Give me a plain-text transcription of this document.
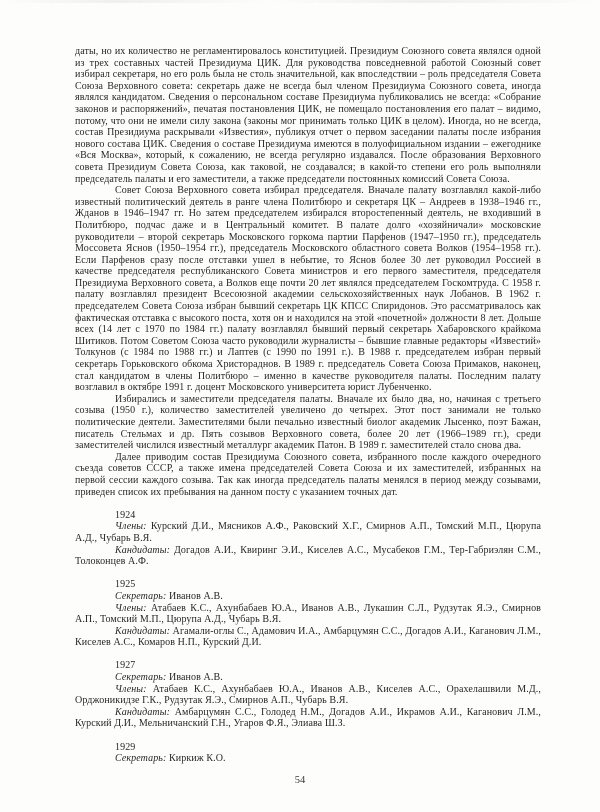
даты, но их количество не регламентировалось конституцией. Президиум Союзного совета являлся одной из трех составных частей Президиума ЦИК. Для руководства повседневной работой Союзный совет избирал секретаря, но его роль была не столь значительной, как впоследствии – роль председателя Совета Союза Верховного совета: секретарь даже не всегда был членом Президиума Союзного совета, иногда являлся кандидатом. Сведения о персональном составе Президиума публиковались не всегда: «Собрание законов и распоряжений», печатая постановления ЦИК, не помещало постановления его палат – видимо, потому, что они не имели силу закона (законы мог принимать только ЦИК в целом). Иногда, но не всегда, состав Президиума раскрывали «Известия», публикуя отчет о первом заседании палаты после избрания нового состава ЦИК. Сведения о составе Президиума имеются в полуофициальном издании – ежегоднике «Вся Москва», который, к сожалению, не всегда регулярно издавался. После образования Верховного совета Президиум Совета Союза, как таковой, не создавался; в какой-то степени его роль выполняли председатель палаты и его заместители, а также председатели постоянных комиссий Совета Союза.

Совет Союза Верховного совета избирал председателя. Вначале палату возглавлял какой-либо известный политический деятель в ранге члена Политбюро и секретаря ЦК – Андреев в 1938–1946 гг., Жданов в 1946–1947 гг. Но затем председателем избирался второстепенный деятель, не входивший в Политбюро, подчас даже и в Центральный комитет. В палате долго «хозяйничали» московские руководители – второй секретарь Московского горкома партии Парфенов (1947–1950 гг.), председатель Моссовета Яснов (1950–1954 гг.), председатель Московского областного совета Волков (1954–1958 гг.). Если Парфенов сразу после отставки ушел в небытие, то Яснов более 30 лет руководил Россией в качестве председателя республиканского Совета министров и его первого заместителя, председателя Президиума Верховного совета, а Волков еще почти 20 лет являлся председателем Госкомтруда. С 1958 г. палату возглавлял президент Всесоюзной академии сельскохозяйственных наук Лобанов. В 1962 г. председателем Совета Союза избран бывший секретарь ЦК КПСС Спиридонов. Это рассматривалось как фактическая отставка с высокого поста, хотя он и находился на этой «почетной» должности 8 лет. Дольше всех (14 лет с 1970 по 1984 гг.) палату возглавлял бывший первый секретарь Хабаровского крайкома Шитиков. Потом Советом Союза часто руководили журналисты – бывшие главные редакторы «Известий» Толкунов (с 1984 по 1988 гг.) и Лаптев (с 1990 по 1991 г.). В 1988 г. председателем избран первый секретарь Горьковского обкома Христораднов. В 1989 г. председатель Совета Союза Примаков, наконец, стал кандидатом в члены Политбюро – именно в качестве руководителя палаты. Последним палату возглавил в октябре 1991 г. доцент Московского университета юрист Лубенченко.

Избирались и заместители председателя палаты. Вначале их было два, но, начиная с третьего созыва (1950 г.), количество заместителей увеличено до четырех. Этот пост занимали не только политические деятели. Заместителями были печально известный биолог академик Лысенко, поэт Бажан, писатель Стельмах и др. Пять созывов Верховного совета, более 20 лет (1966–1989 гг.), среди заместителей числился известный металлург академик Патон. В 1989 г. заместителей стало снова два.

Далее приводим состав Президиума Союзного совета, избранного после каждого очередного съезда советов СССР, а также имена председателей Совета Союза и их заместителей, избранных на первой сессии каждого созыва. Так как иногда председатель палаты менялся в период между созывами, приведен список их пребывания на данном посту с указанием точных дат.

1924

Члены: Курский Д.И., Мясников А.Ф., Раковский Х.Г., Смирнов А.П., Томский М.П., Цюрупа А.Д., Чубарь В.Я.

Кандидаты: Догадов А.И., Квиринг Э.И., Киселев А.С., Мусабеков Г.М., Тер-Габриэлян С.М., Толоконцев А.Ф.

1925

Секретарь: Иванов А.В.

Члены: Атабаев К.С., Ахунбабаев Ю.А., Иванов А.В., Лукашин С.Л., Рудзутак Я.Э., Смирнов А.П., Томский М.П., Цюрупа А.Д., Чубарь В.Я.

Кандидаты: Агамали-оглы С., Адамович И.А., Амбарцумян С.С., Догадов А.И., Каганович Л.М., Киселев А.С., Комаров Н.П., Курский Д.И.

1927

Секретарь: Иванов А.В.

Члены: Атабаев К.С., Ахунбабаев Ю.А., Иванов А.В., Киселев А.С., Орахелашвили М.Д., Орджоникидзе Г.К., Рудзутак Я.Э., Смирнов А.П., Чубарь В.Я.

Кандидаты: Амбарцумян С.С., Голодед Н.М., Догадов А.И., Икрамов А.И., Каганович Л.М., Курский Д.И., Мельничанский Г.Н., Угаров Ф.Я., Элиава Ш.З.

1929

Секретарь: Киркиж К.О.

54
